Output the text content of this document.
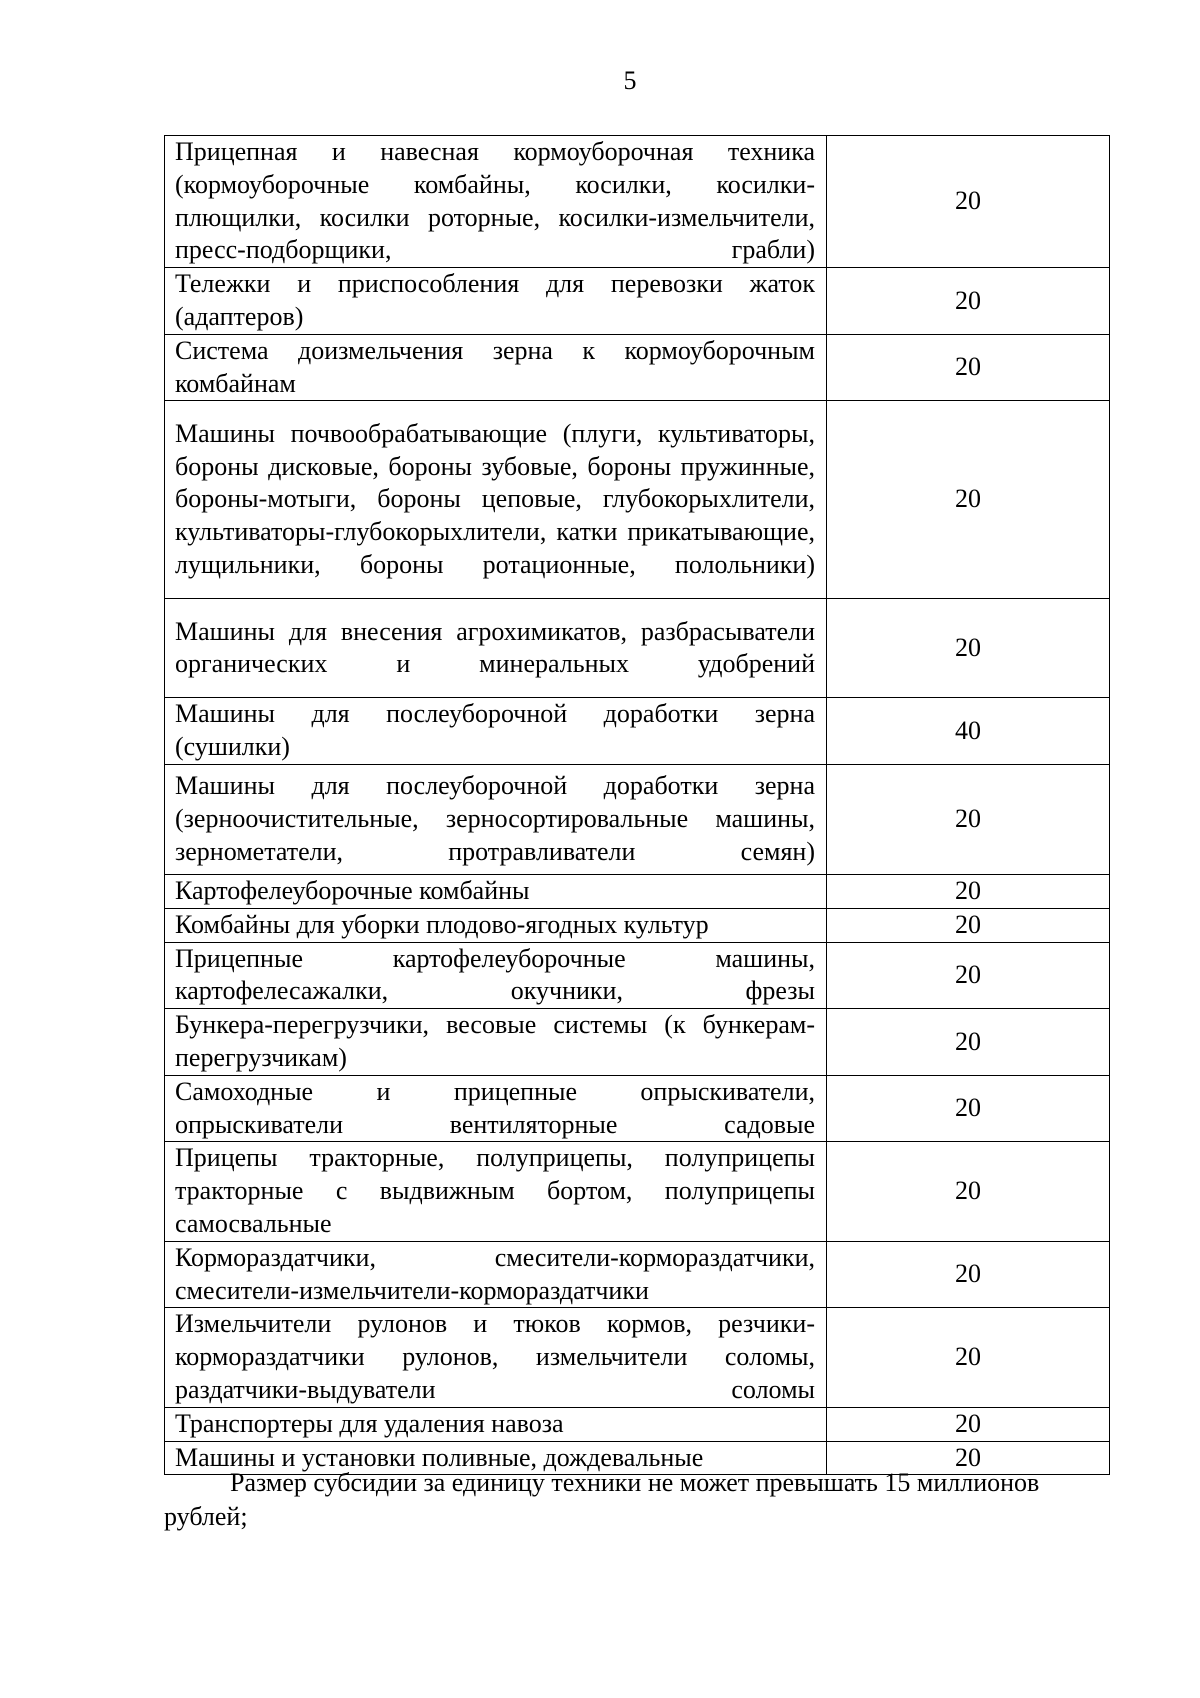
5
Прицепная и навесная кормоуборочная техника (кормоуборочные комбайны, косилки, косилки-плющилки, косилки роторные, косилки-измельчители, пресс-подборщики, грабли)	20
Тележки и приспособления для перевозки жаток (адаптеров)	20
Система доизмельчения зерна к кормоуборочным комбайнам	20
Машины почвообрабатывающие (плуги, культиваторы, бороны дисковые, бороны зубовые, бороны пружинные, бороны-мотыги, бороны цеповые, глубокорыхлители, культиваторы-глубокорыхлители, катки прикатывающие, лущильники, бороны ротационные, полольники)	20
Машины для внесения агрохимикатов, разбрасыватели органических и минеральных удобрений	20
Машины для послеуборочной доработки зерна (сушилки)	40
Машины для послеуборочной доработки зерна (зерноочистительные, зерносортировальные машины, зернометатели, протравливатели семян)	20
Картофелеуборочные комбайны	20
Комбайны для уборки плодово-ягодных культур	20
Прицепные картофелеуборочные машины, картофелесажалки, окучники, фрезы	20
Бункера-перегрузчики, весовые системы (к бункерам-перегрузчикам)	20
Самоходные и прицепные опрыскиватели, опрыскиватели вентиляторные садовые	20
Прицепы тракторные, полуприцепы, полуприцепы тракторные с выдвижным бортом, полуприцепы самосвальные	20
Кормораздатчики, смесители-кормораздатчики, смесители-измельчители-кормораздатчики	20
Измельчители рулонов и тюков кормов, резчики-кормораздатчики рулонов, измельчители соломы, раздатчики-выдуватели соломы	20
Транспортеры для удаления навоза	20
Машины и установки поливные, дождевальные	20
Размер субсидии за единицу техники не может превышать 15 миллионов
рублей;
